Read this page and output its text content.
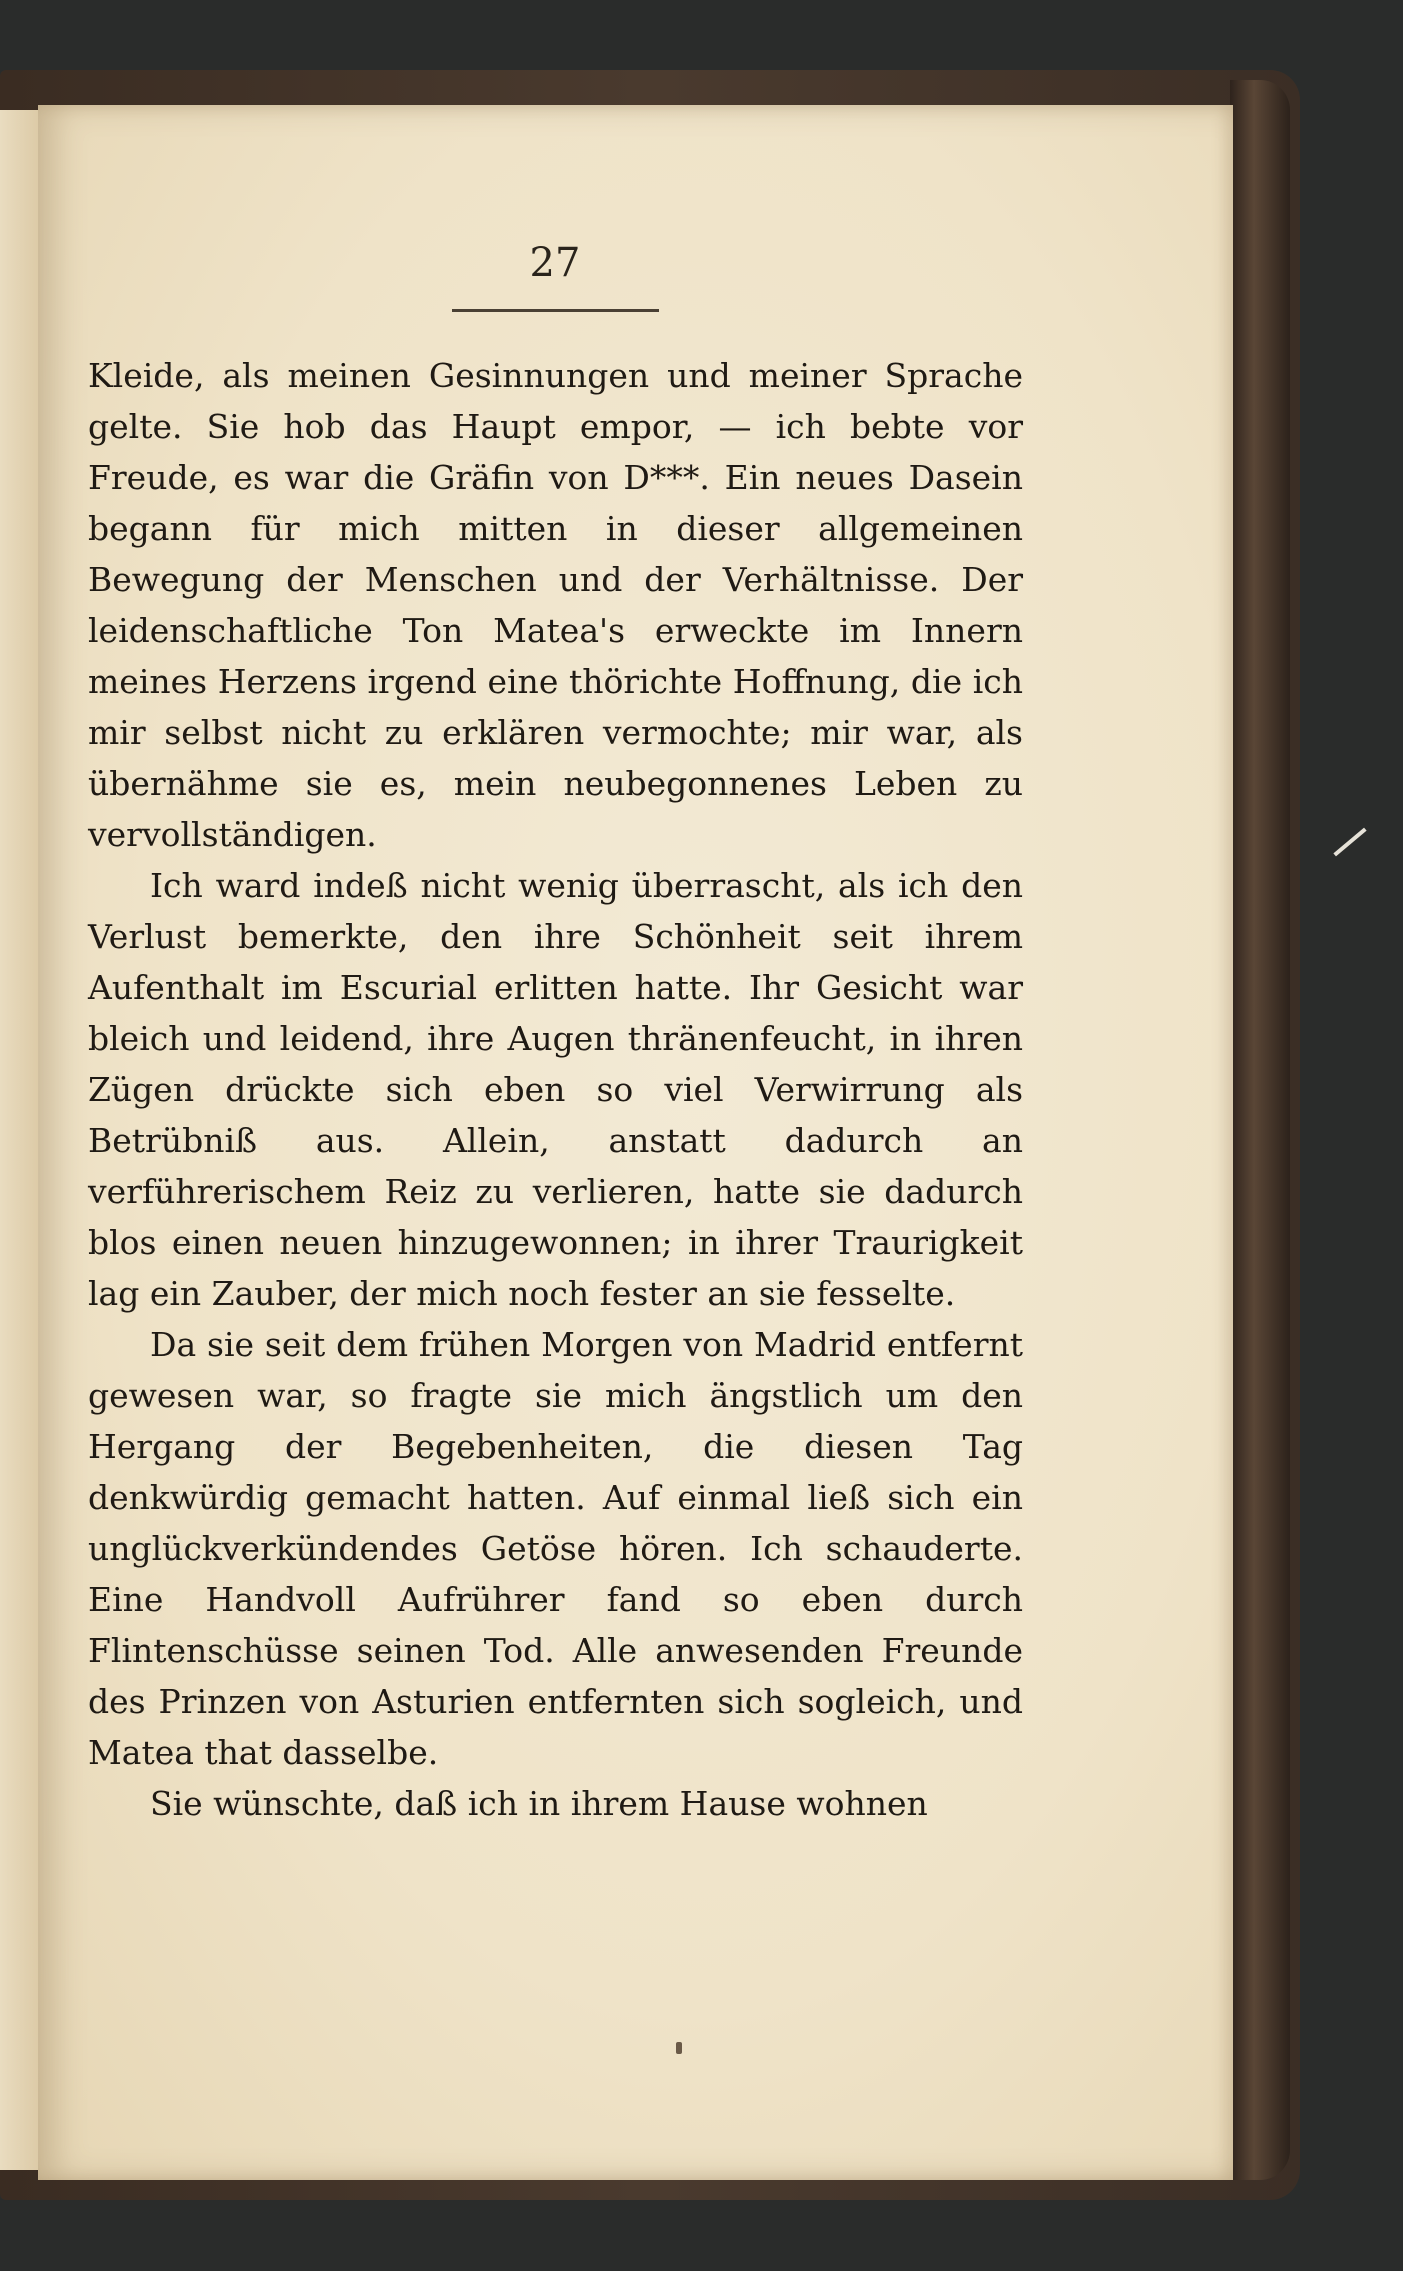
27

Kleide, als meinen Gesinnungen und meiner Sprache gelte. Sie hob das Haupt empor, — ich bebte vor Freude, es war die Gräfin von D***. Ein neues Dasein begann für mich mitten in dieser allgemeinen Bewegung der Menschen und der Verhältnisse. Der leidenschaftliche Ton Matea's erweckte im Innern meines Herzens irgend eine thörichte Hoffnung, die ich mir selbst nicht zu erklären vermochte; mir war, als übernähme sie es, mein neubegonnenes Leben zu vervollständigen.

Ich ward indeß nicht wenig überrascht, als ich den Verlust bemerkte, den ihre Schönheit seit ihrem Aufenthalt im Escurial erlitten hatte. Ihr Gesicht war bleich und leidend, ihre Augen thränenfeucht, in ihren Zügen drückte sich eben so viel Verwirrung als Betrübniß aus. Allein, anstatt dadurch an verführerischem Reiz zu verlieren, hatte sie dadurch blos einen neuen hinzugewonnen; in ihrer Traurigkeit lag ein Zauber, der mich noch fester an sie fesselte.

Da sie seit dem frühen Morgen von Madrid entfernt gewesen war, so fragte sie mich ängstlich um den Hergang der Begebenheiten, die diesen Tag denkwürdig gemacht hatten. Auf einmal ließ sich ein unglückverkündendes Getöse hören. Ich schauderte. Eine Handvoll Aufrührer fand so eben durch Flintenschüsse seinen Tod. Alle anwesenden Freunde des Prinzen von Asturien entfernten sich sogleich, und Matea that dasselbe.

Sie wünschte, daß ich in ihrem Hause wohnen
